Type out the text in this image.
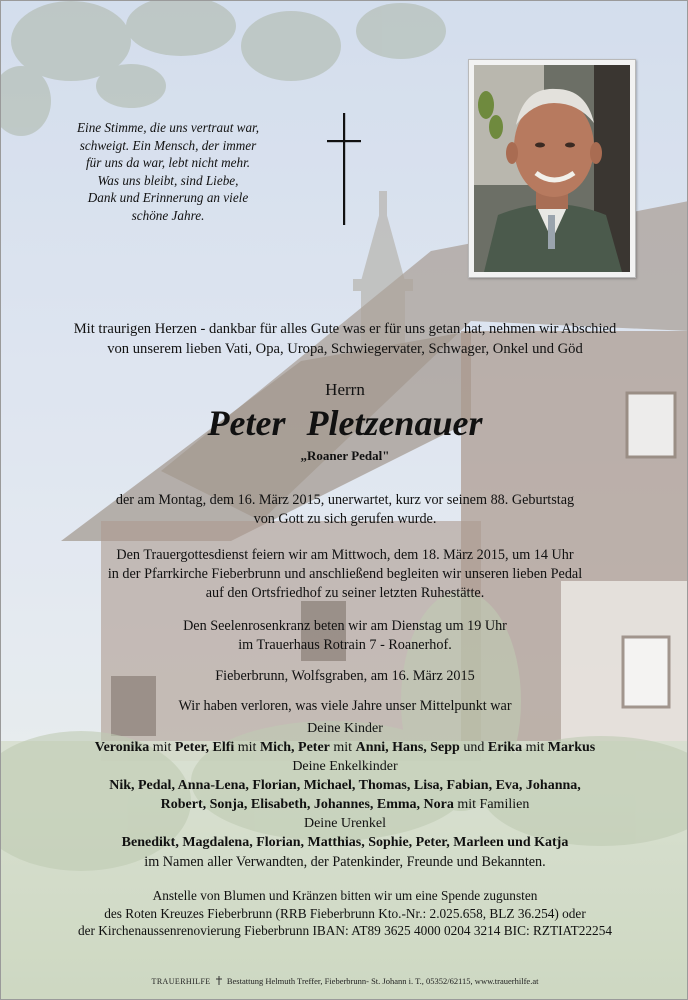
Eine Stimme, die uns vertraut war,
schweigt. Ein Mensch, der immer
für uns da war, lebt nicht mehr.
Was uns bleibt, sind Liebe,
Dank und Erinnerung an viele
schöne Jahre.
Mit traurigen Herzen - dankbar für alles Gute was er für uns getan hat, nehmen wir Abschied
von unserem lieben Vati, Opa, Uropa, Schwiegervater, Schwager, Onkel und Göd
Herrn
Peter Pletzenauer
„Roaner Pedal"
der am Montag, dem 16. März 2015, unerwartet, kurz vor seinem 88. Geburtstag
von Gott zu sich gerufen wurde.
Den Trauergottesdienst feiern wir am Mittwoch, dem 18. März 2015, um 14 Uhr
in der Pfarrkirche Fieberbrunn und anschließend begleiten wir unseren lieben Pedal
auf den Ortsfriedhof zu seiner letzten Ruhestätte.
Den Seelenrosenkranz beten wir am Dienstag um 19 Uhr
im Trauerhaus Rotrain 7 - Roanerhof.
Fieberbrunn, Wolfsgraben, am 16. März 2015
Wir haben verloren, was viele Jahre unser Mittelpunkt war
Deine Kinder
Veronika mit Peter, Elfi mit Mich, Peter mit Anni, Hans, Sepp und Erika mit Markus
Deine Enkelkinder
Nik, Pedal, Anna-Lena, Florian, Michael, Thomas, Lisa, Fabian, Eva, Johanna,
Robert, Sonja, Elisabeth, Johannes, Emma, Nora mit Familien
Deine Urenkel
Benedikt, Magdalena, Florian, Matthias, Sophie, Peter, Marleen und Katja
im Namen aller Verwandten, der Patenkinder, Freunde und Bekannten.
Anstelle von Blumen und Kränzen bitten wir um eine Spende zugunsten
des Roten Kreuzes Fieberbrunn (RRB Fieberbrunn Kto.-Nr.: 2.025.658, BLZ 36.254) oder
der Kirchenaussenrenovierung Fieberbrunn IBAN: AT89 3625 4000 0204 3214 BIC: RZTIAT22254
TRAUERHILFE Bestattung Helmuth Treffer, Fieberbrunn- St. Johann i. T., 05352/62115, www.trauerhilfe.at
